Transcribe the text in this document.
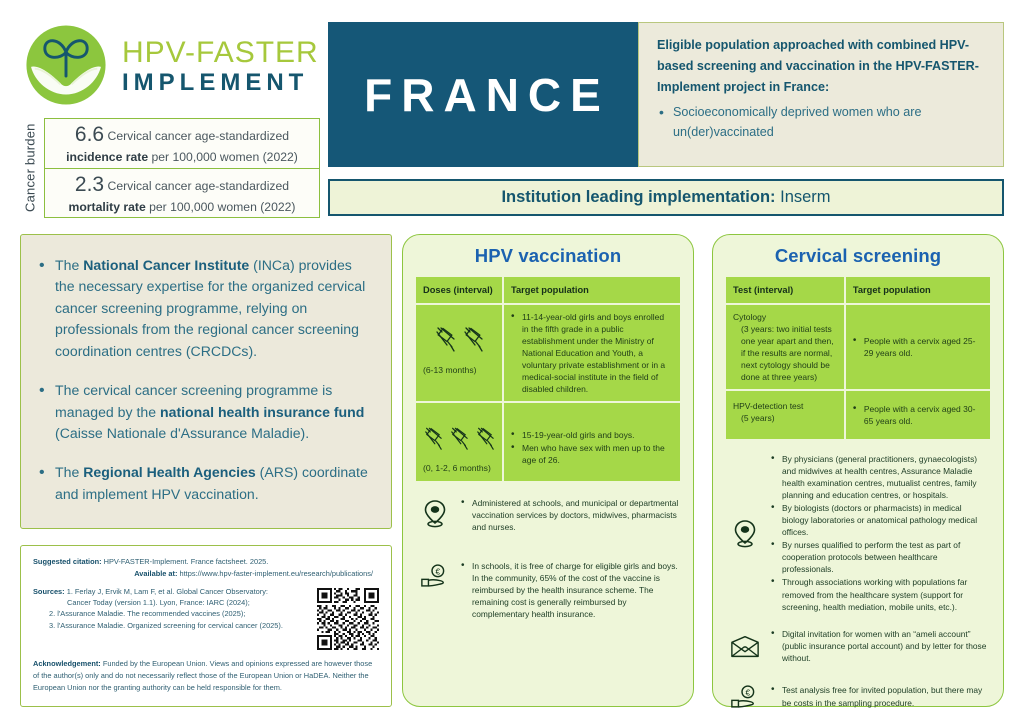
HPV-FASTER
IMPLEMENT
Cancer burden	6.6 Cervical cancer age-standardized
incidence rate per 100,000 women (2022)
2.3 Cervical cancer age-standardized
mortality rate per 100,000 women (2022)
FRANCE
Eligible population approached with combined HPV-based screening and vaccination in the HPV-FASTER-Implement project in France:
• Socioeconomically deprived women who are un(der)vaccinated
Institution leading implementation: Inserm
• The National Cancer Institute (INCa) provides the necessary expertise for the organized cervical cancer screening programme, relying on professionals from the regional cancer screening coordination centres (CRCDCs).
• The cervical cancer screening programme is managed by the national health insurance fund (Caisse Nationale d'Assurance Maladie).
• The Regional Health Agencies (ARS) coordinate and implement HPV vaccination.
Suggested citation: HPV-FASTER-Implement. France factsheet. 2025.
Available at: https://www.hpv-faster-implement.eu/research/publications/
Sources: 1. Ferlay J, Ervik M, Lam F, et al. Global Cancer Observatory:
Cancer Today (version 1.1). Lyon, France: IARC (2024);
2. l'Assurance Maladie. The recommended vaccines (2025);
3. l'Assurance Maladie. Organized screening for cervical cancer (2025).
Acknowledgement: Funded by the European Union. Views and opinions expressed are however those of the author(s) only and do not necessarily reflect those of the European Union or HaDEA. Neither the European Union nor the granting authority can be held responsible for them.
HPV vaccination
Doses (interval)	Target population

(6-13 months)

• 11-14-year-old girls and boys enrolled in the fifth grade in a public establishment under the Ministry of National Education and Youth, a voluntary private establishment or in a medical-social institute in the field of disabled children.

(0, 1-2, 6 months)

• 15-19-year-old girls and boys.
• Men who have sex with men up to the age of 26.
• Administered at schools, and municipal or departmental vaccination services by doctors, midwives, pharmacists and nurses.
€
• In schools, it is free of charge for eligible girls and boys. In the community, 65% of the cost of the vaccine is reimbursed by the health insurance scheme. The remaining cost is generally reimbursed by complementary health insurance.
Cervical screening
Test (interval)	Target population
Cytology
(3 years: two initial tests one year apart and then, if the results are normal, next cytology should be done at three years)

• People with a cervix aged 25-29 years old.

HPV-detection test
(5 years)

• People with a cervix aged 30-65 years old.
• By physicians (general practitioners, gynaecologists) and midwives at health centres, Assurance Maladie health examination centres, mutualist centres, family planning and education centres, or hospitals.
• By biologists (doctors or pharmacists) in medical biology laboratories or anatomical pathology medical offices.
• By nurses qualified to perform the test as part of cooperation protocols between healthcare professionals.
• Through associations working with populations far removed from the healthcare system (support for screening, health mediation, mobile units, etc.).
• Digital invitation for women with an “ameli account” (public insurance portal account) and by letter for those without.
€	• Test analysis free for invited population, but there may be costs in the sampling procedure.
